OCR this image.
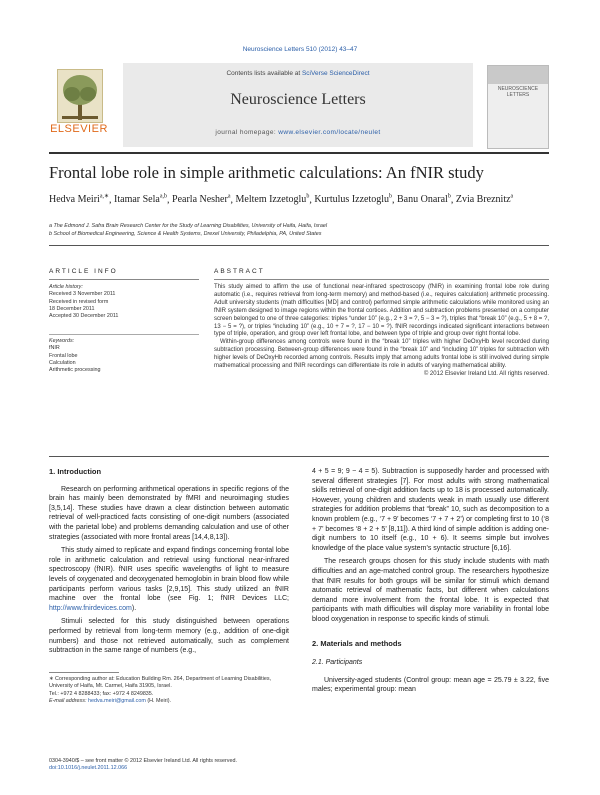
Neuroscience Letters 510 (2012) 43–47
ELSEVIER
Contents lists available at SciVerse ScienceDirect
Neuroscience Letters
journal homepage: www.elsevier.com/locate/neulet
NEUROSCIENCE LETTERS
Frontal lobe role in simple arithmetic calculations: An fNIR study
Hedva Meiri$^{a,∗}$, Itamar Sela$^{a,b}$, Pearla Nesher$^a$, Meltem Izzetoglu$^b$, Kurtulus Izzetoglu$^b$, Banu Onaral$^b$, Zvia Breznitz$^a$
a The Edmond J. Safra Brain Research Center for the Study of Learning Disabilities, University of Haifa, Haifa, Israel
b School of Biomedical Engineering, Science & Health Systems, Drexel University, Philadelphia, PA, United States
ARTICLE INFO
Article history:
Received 3 November 2011
Received in revised form
18 December 2011
Accepted 30 December 2011
Keywords:
fNIR
Frontal lobe
Calculation
Arithmetic processing
ABSTRACT

This study aimed to affirm the use of functional near-infrared spectroscopy (fNIR) in examining frontal lobe role during automatic (i.e., requires retrieval from long-term memory) and method-based (i.e., requires calculation) arithmetic processing. Adult university students (math difficulties [MD] and control) performed simple arithmetic calculations while monitored using an fNIR system designed to image regions within the frontal cortices. Addition and subtraction problems presented on a computer screen belonged to one of three categories: triples “under 10” (e.g., 2 + 3 = ?, 5 − 3 = ?), triples that “break 10” (e.g., 5 + 8 = ?, 13 − 5 = ?), or triples “including 10” (e.g., 10 + 7 = ?, 17 − 10 = ?). fNIR recordings indicated significant interactions between type of triple, operation, and group over left frontal lobe, and between type of triple and group over right frontal lobe.

Within-group differences among controls were found in the “break 10” triples with higher DeOxyHb level recorded during subtraction processing. Between-group differences were found in the “break 10” and “including 10” triples for subtraction with higher levels of DeOxyHb recorded among controls. Results imply that among adults frontal lobe is still involved during simple mathematical processing and fNIR recordings can differentiate its role in adults of varying mathematical ability.

© 2012 Elsevier Ireland Ltd. All rights reserved.
1. Introduction

Research on performing arithmetical operations in specific regions of the brain has mainly been demonstrated by fMRI and neuroimaging studies [3,5,14]. These studies have drawn a clear distinction between automatic retrieval of well-practiced facts consisting of one-digit numbers (associated with the parietal lobe) and problems demanding calculation and use of other strategies (associated with more frontal areas [14,4,8,13]).

This study aimed to replicate and expand findings concerning frontal lobe role in arithmetic calculation and retrieval using functional near-infrared spectroscopy (fNIR). fNIR uses specific wavelengths of light to measure levels of oxygenated and deoxygenated hemoglobin in brain blood flow while participants perform various tasks [2,9,15]. This study utilized an fNIR machine over the frontal lobe (see Fig. 1; fNIR Devices LLC; http://www.fnirdevices.com).

Stimuli selected for this study distinguished between operations performed by retrieval from long-term memory (e.g., addition of one-digit numbers) and those not retrieved automatically, such as complement subtraction in the same range of numbers (e.g.,

∗ Corresponding author at: Education Building Rm. 264, Department of Learning Disabilities, University of Haifa, Mt. Carmel, Haifa 31905, Israel.
Tel.: +972 4 8288433; fax: +972 4 8249835.
E-mail address: hedva.meiri@gmail.com (H. Meiri).
0304-3940/$ – see front matter © 2012 Elsevier Ireland Ltd. All rights reserved.
doi:10.1016/j.neulet.2011.12.066

4 + 5 = 9; 9 − 4 = 5). Subtraction is supposedly harder and processed with several different strategies [7]. For most adults with strong mathematical skills retrieval of one-digit addition facts up to 18 is processed automatically. However, young children and students weak in math usually use different strategies for addition problems that “break” 10, such as decomposition to a known problem (e.g., ‘7 + 9’ becomes ‘7 + 7 + 2’) or completing first to 10 (‘8 + 7’ becomes ‘8 + 2 + 5’ [8,11]). A third kind of simple addition is adding one-digit numbers to 10 itself (e.g., 10 + 6). It seems simple but involves knowledge of the place value system’s syntactic structure [6,16].

The research groups chosen for this study include students with math difficulties and an age-matched control group. The researchers hypothesize that fNIR results for both groups will be similar for stimuli which demand automatic retrieval of mathematic facts, but different when calculations demand more involvement from the frontal lobe. It is expected that participants with math difficulties will display more variability in frontal lobe blood oxygenation in response to specific kinds of stimuli.

2. Materials and methods
2.1. Participants

University-aged students (Control group: mean age = 25.79 ± 3.22, five males; experimental group: mean
